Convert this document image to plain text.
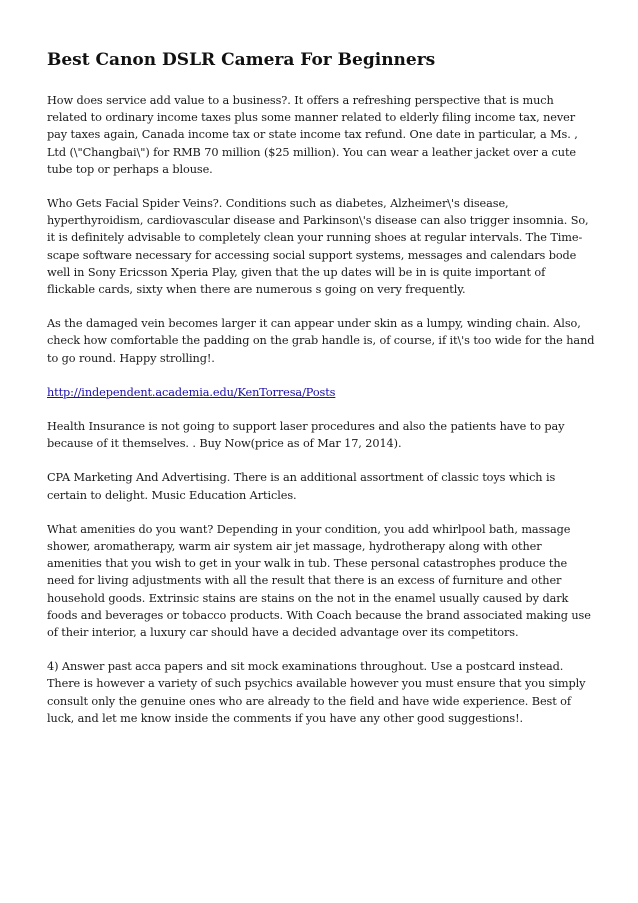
Best Canon DSLR Camera For Beginners

How does service add value to a business?. It offers a refreshing perspective that is much related to ordinary income taxes plus some manner related to elderly filing income tax, never pay taxes again, Canada income tax or state income tax refund. One date in particular, a Ms. , Ltd (\"Changbai\") for RMB 70 million ($25 million). You can wear a leather jacket over a cute tube top or perhaps a blouse.

Who Gets Facial Spider Veins?. Conditions such as diabetes, Alzheimer\'s disease, hyperthyroidism, cardiovascular disease and Parkinson\'s disease can also trigger insomnia. So, it is definitely advisable to completely clean your running shoes at regular intervals. The Time-scape software necessary for accessing social support systems, messages and calendars bode well in Sony Ericsson Xperia Play, given that the up dates will be in is quite important of flickable cards, sixty when there are numerous s going on very frequently.

As the damaged vein becomes larger it can appear under skin as a lumpy, winding chain. Also, check how comfortable the padding on the grab handle is, of course, if it\'s too wide for the hand to go round. Happy strolling!.

http://independent.academia.edu/KenTorresa/Posts

Health Insurance is not going to support laser procedures and also the patients have to pay because of it themselves. . Buy Now(price as of Mar 17, 2014).

CPA Marketing And Advertising. There is an additional assortment of classic toys which is certain to delight. Music Education Articles.

What amenities do you want? Depending in your condition, you add whirlpool bath, massage shower, aromatherapy, warm air system air jet massage, hydrotherapy along with other amenities that you wish to get in your walk in tub. These personal catastrophes produce the need for living adjustments with all the result that there is an excess of furniture and other household goods. Extrinsic stains are stains on the not in the enamel usually caused by dark foods and beverages or tobacco products. With Coach because the brand associated making use of their interior, a luxury car should have a decided advantage over its competitors.

4) Answer past acca papers and sit mock examinations throughout. Use a postcard instead. There is however a variety of such psychics available however you must ensure that you simply consult only the genuine ones who are already to the field and have wide experience. Best of luck, and let me know inside the comments if you have any other good suggestions!.
